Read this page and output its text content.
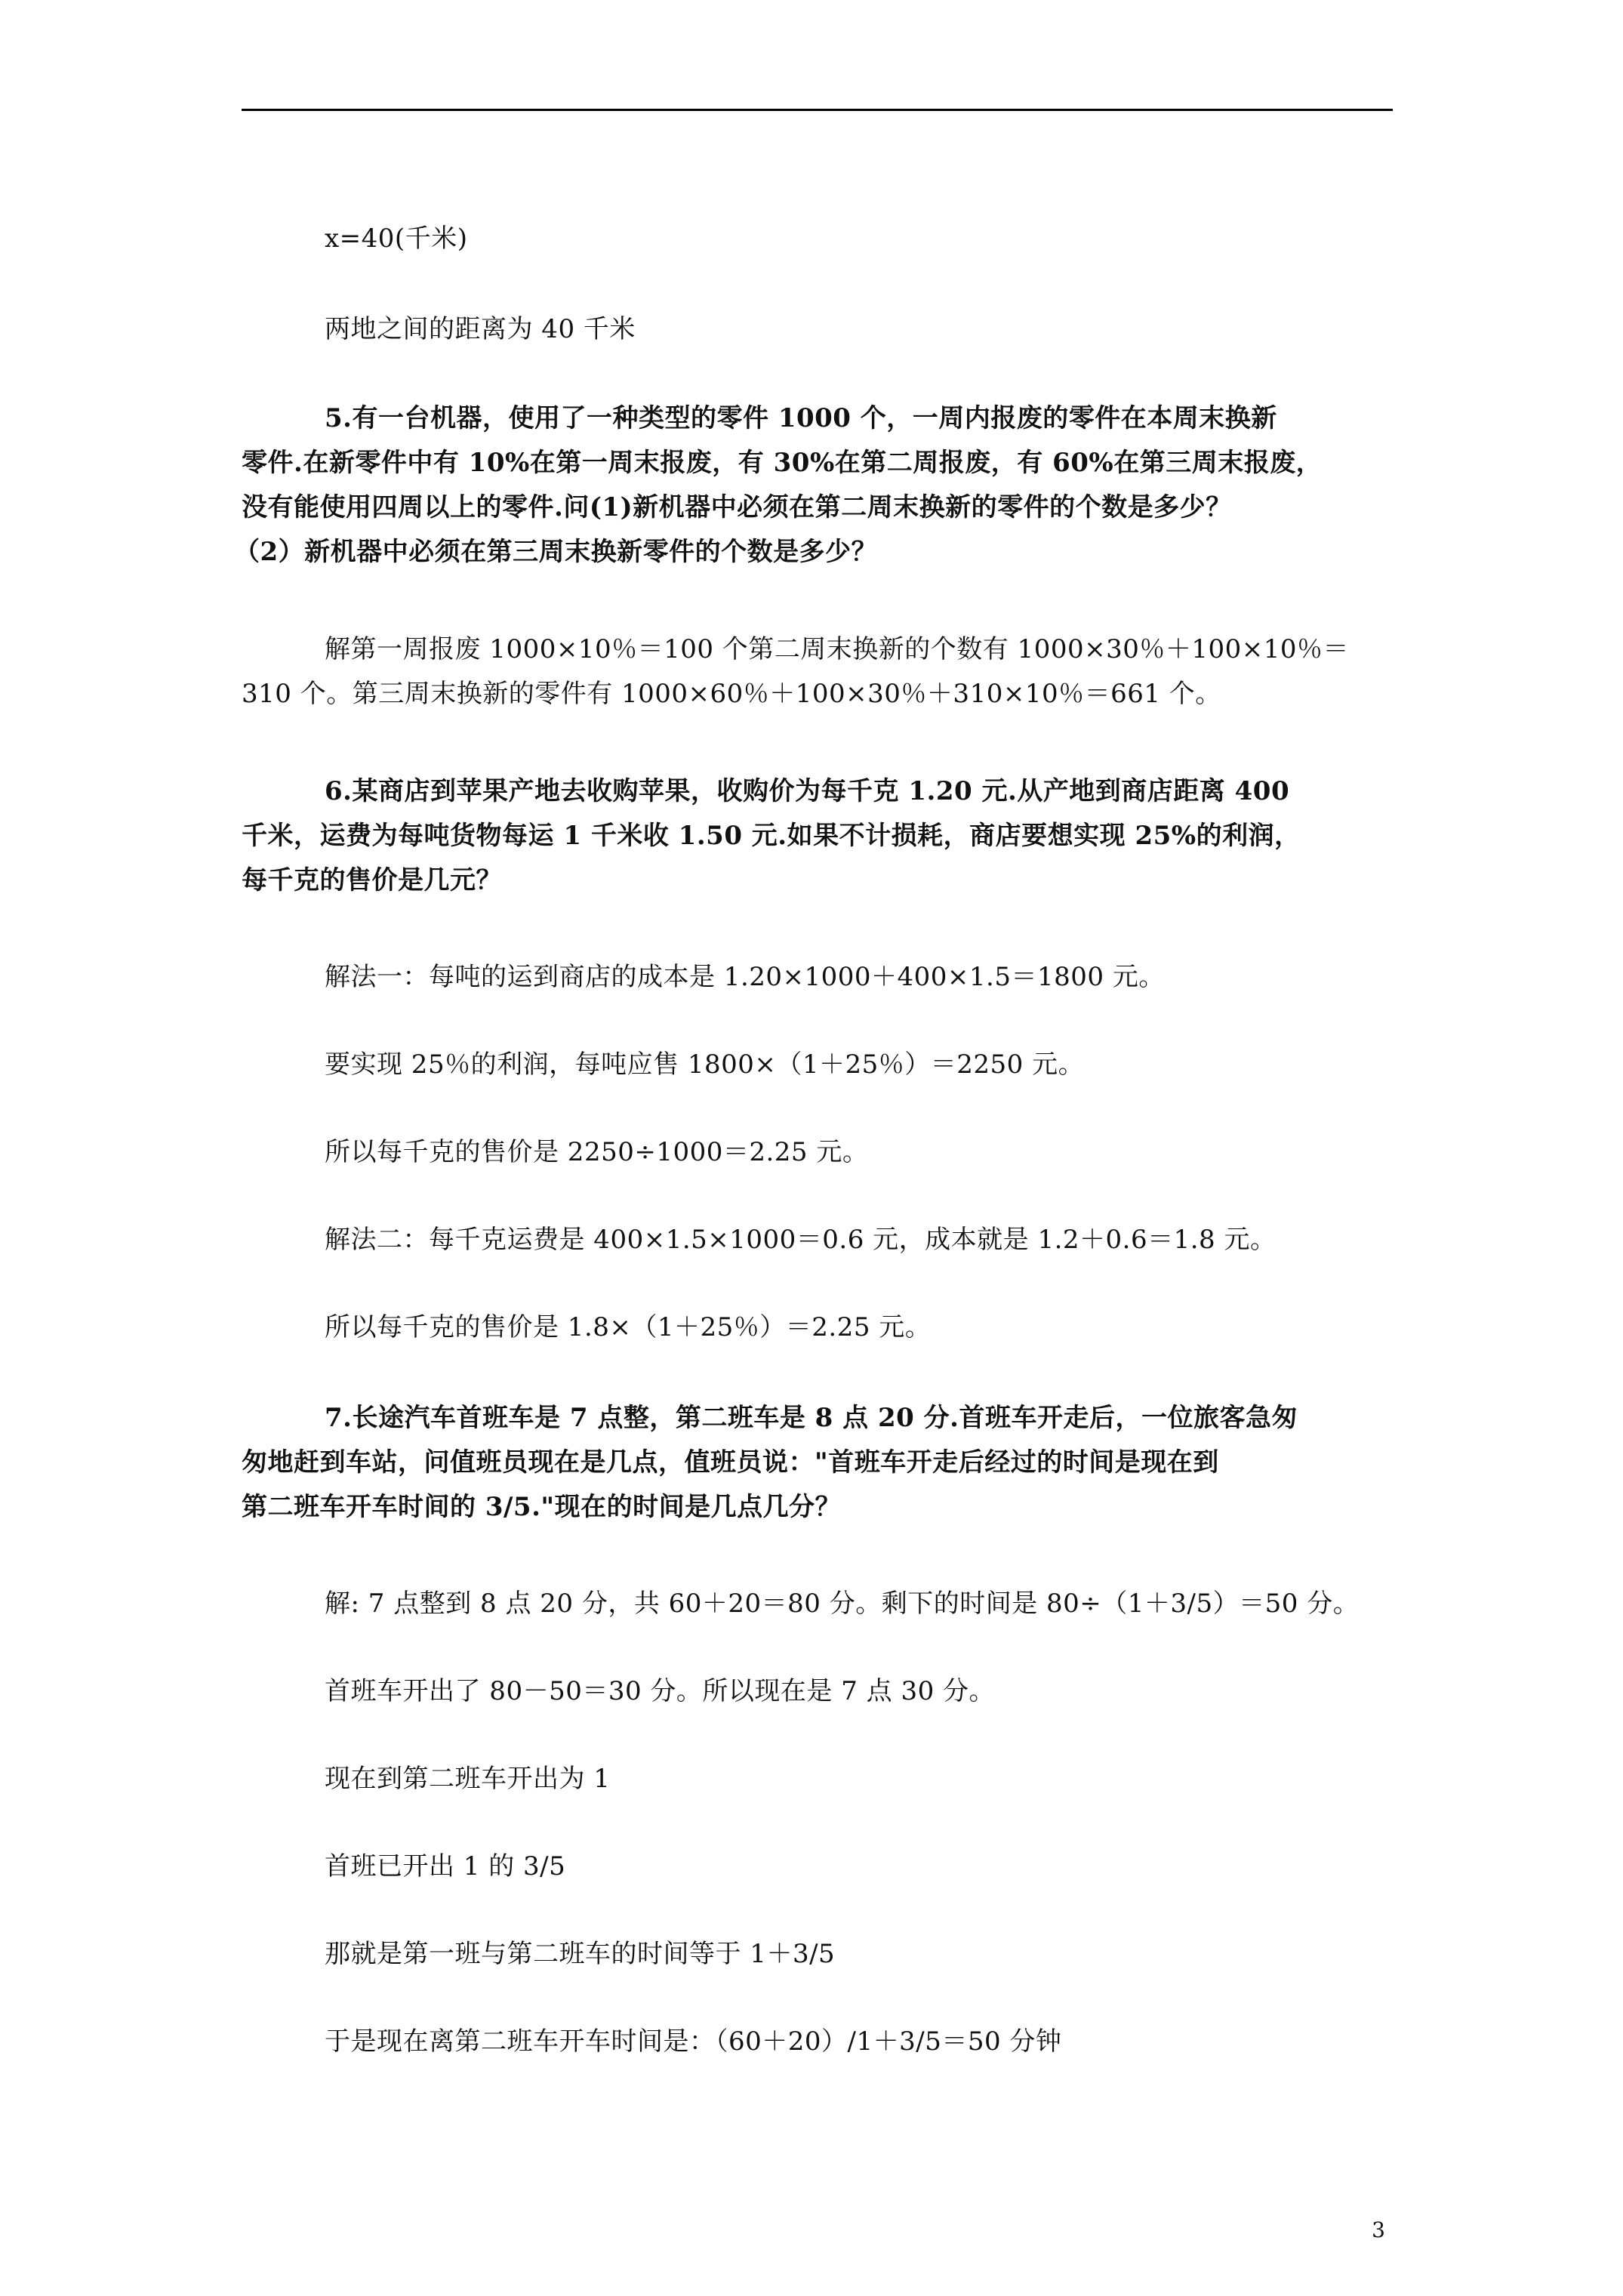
x=40(千米)
两地之间的距离为 40 千米
5.有一台机器，使用了一种类型的零件 1000 个，一周内报废的零件在本周末换新
零件.在新零件中有 10%在第一周末报废，有 30%在第二周报废，有 60%在第三周末报废，
没有能使用四周以上的零件.问(1)新机器中必须在第二周末换新的零件的个数是多少？
（2）新机器中必须在第三周末换新零件的个数是多少？
解第一周报废 1000×10％＝100 个第二周末换新的个数有 1000×30％＋100×10％＝
310 个。第三周末换新的零件有 1000×60％＋100×30％＋310×10％＝661 个。
6.某商店到苹果产地去收购苹果，收购价为每千克 1.20 元.从产地到商店距离 400
千米，运费为每吨货物每运 1 千米收 1.50 元.如果不计损耗，商店要想实现 25%的利润，
每千克的售价是几元？
解法一：每吨的运到商店的成本是 1.20×1000＋400×1.5＝1800 元。
要实现 25％的利润，每吨应售 1800×（1＋25％）＝2250 元。
所以每千克的售价是 2250÷1000＝2.25 元。
解法二：每千克运费是 400×1.5×1000＝0.6 元，成本就是 1.2＋0.6＝1.8 元。
所以每千克的售价是 1.8×（1＋25％）＝2.25 元。
7.长途汽车首班车是 7 点整，第二班车是 8 点 20 分.首班车开走后，一位旅客急匆
匆地赶到车站，问值班员现在是几点，值班员说："首班车开走后经过的时间是现在到
第二班车开车时间的 3/5."现在的时间是几点几分？
解: 7 点整到 8 点 20 分，共 60＋20＝80 分。剩下的时间是 80÷（1＋3/5）＝50 分。
首班车开出了 80－50＝30 分。所以现在是 7 点 30 分。
现在到第二班车开出为 1
首班已开出 1 的 3/5
那就是第一班与第二班车的时间等于 1＋3/5
于是现在离第二班车开车时间是：（60＋20）/1＋3/5＝50 分钟
3
